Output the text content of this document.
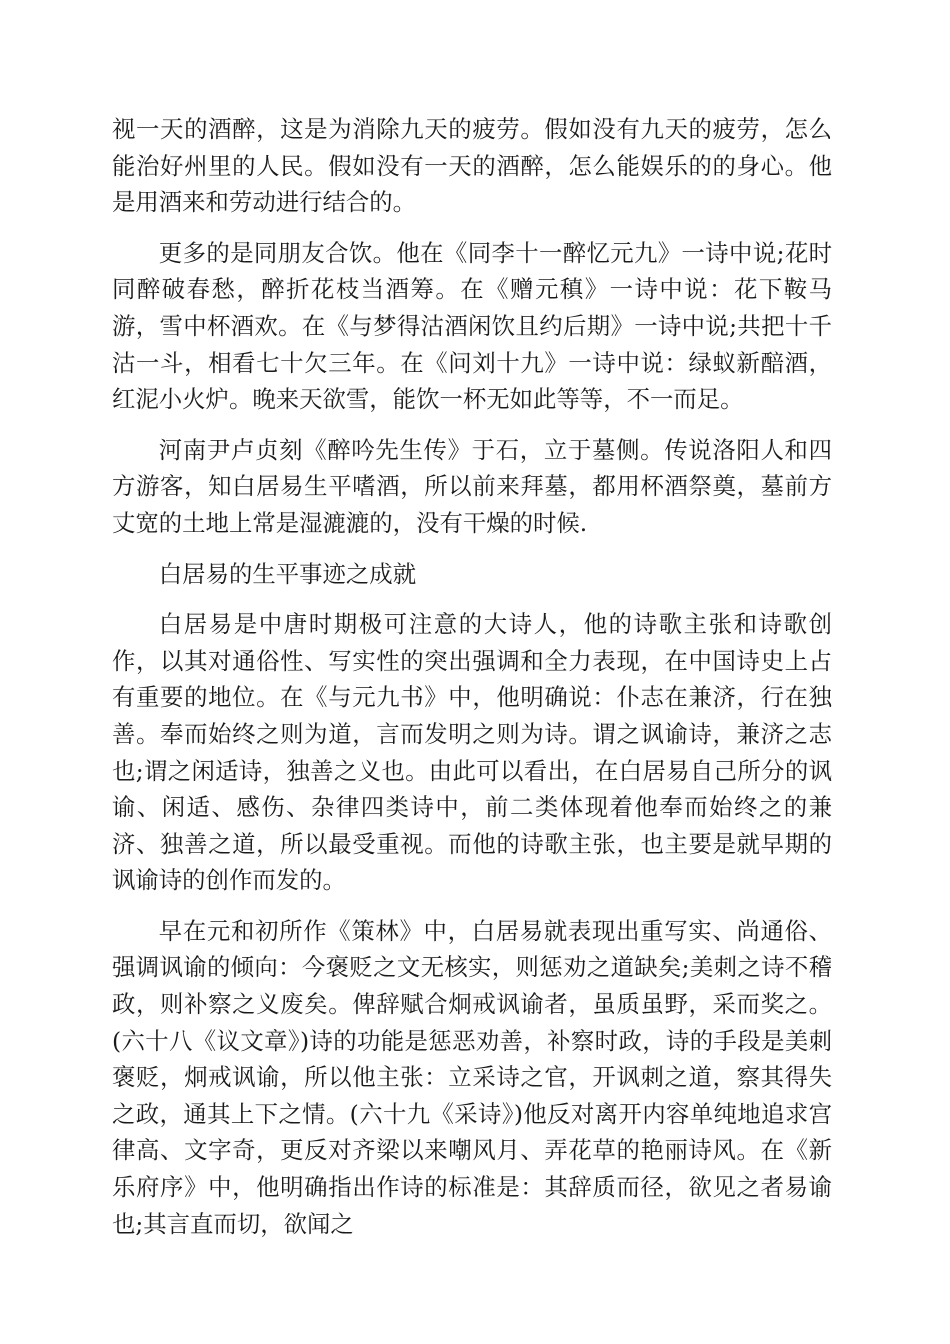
视一天的酒醉，这是为消除九天的疲劳。假如没有九天的疲劳，怎么能治好州里的人民。假如没有一天的酒醉，怎么能娱乐的的身心。他是用酒来和劳动进行结合的。

更多的是同朋友合饮。他在《同李十一醉忆元九》一诗中说;花时同醉破春愁，醉折花枝当酒筹。在《赠元稹》一诗中说：花下鞍马游，雪中杯酒欢。在《与梦得沽酒闲饮且约后期》一诗中说;共把十千沽一斗，相看七十欠三年。在《问刘十九》一诗中说：绿蚁新醅酒，红泥小火炉。晚来天欲雪，能饮一杯无如此等等，不一而足。

河南尹卢贞刻《醉吟先生传》于石，立于墓侧。传说洛阳人和四方游客，知白居易生平嗜酒，所以前来拜墓，都用杯酒祭奠，墓前方丈宽的土地上常是湿漉漉的，没有干燥的时候.

白居易的生平事迹之成就

白居易是中唐时期极可注意的大诗人，他的诗歌主张和诗歌创作，以其对通俗性、写实性的突出强调和全力表现，在中国诗史上占有重要的地位。在《与元九书》中，他明确说：仆志在兼济，行在独善。奉而始终之则为道，言而发明之则为诗。谓之讽谕诗，兼济之志也;谓之闲适诗，独善之义也。由此可以看出，在白居易自己所分的讽谕、闲适、感伤、杂律四类诗中，前二类体现着他奉而始终之的兼济、独善之道，所以最受重视。而他的诗歌主张，也主要是就早期的讽谕诗的创作而发的。

早在元和初所作《策林》中，白居易就表现出重写实、尚通俗、强调讽谕的倾向：今褒贬之文无核实，则惩劝之道缺矣;美刺之诗不稽政，则补察之义废矣。俾辞赋合炯戒讽谕者，虽质虽野，采而奖之。(六十八《议文章》)诗的功能是惩恶劝善，补察时政，诗的手段是美刺褒贬，炯戒讽谕，所以他主张：立采诗之官，开讽刺之道，察其得失之政，通其上下之情。(六十九《采诗》)他反对离开内容单纯地追求宫律高、文字奇，更反对齐梁以来嘲风月、弄花草的艳丽诗风。在《新乐府序》中，他明确指出作诗的标准是：其辞质而径，欲见之者易谕也;其言直而切，欲闻之
